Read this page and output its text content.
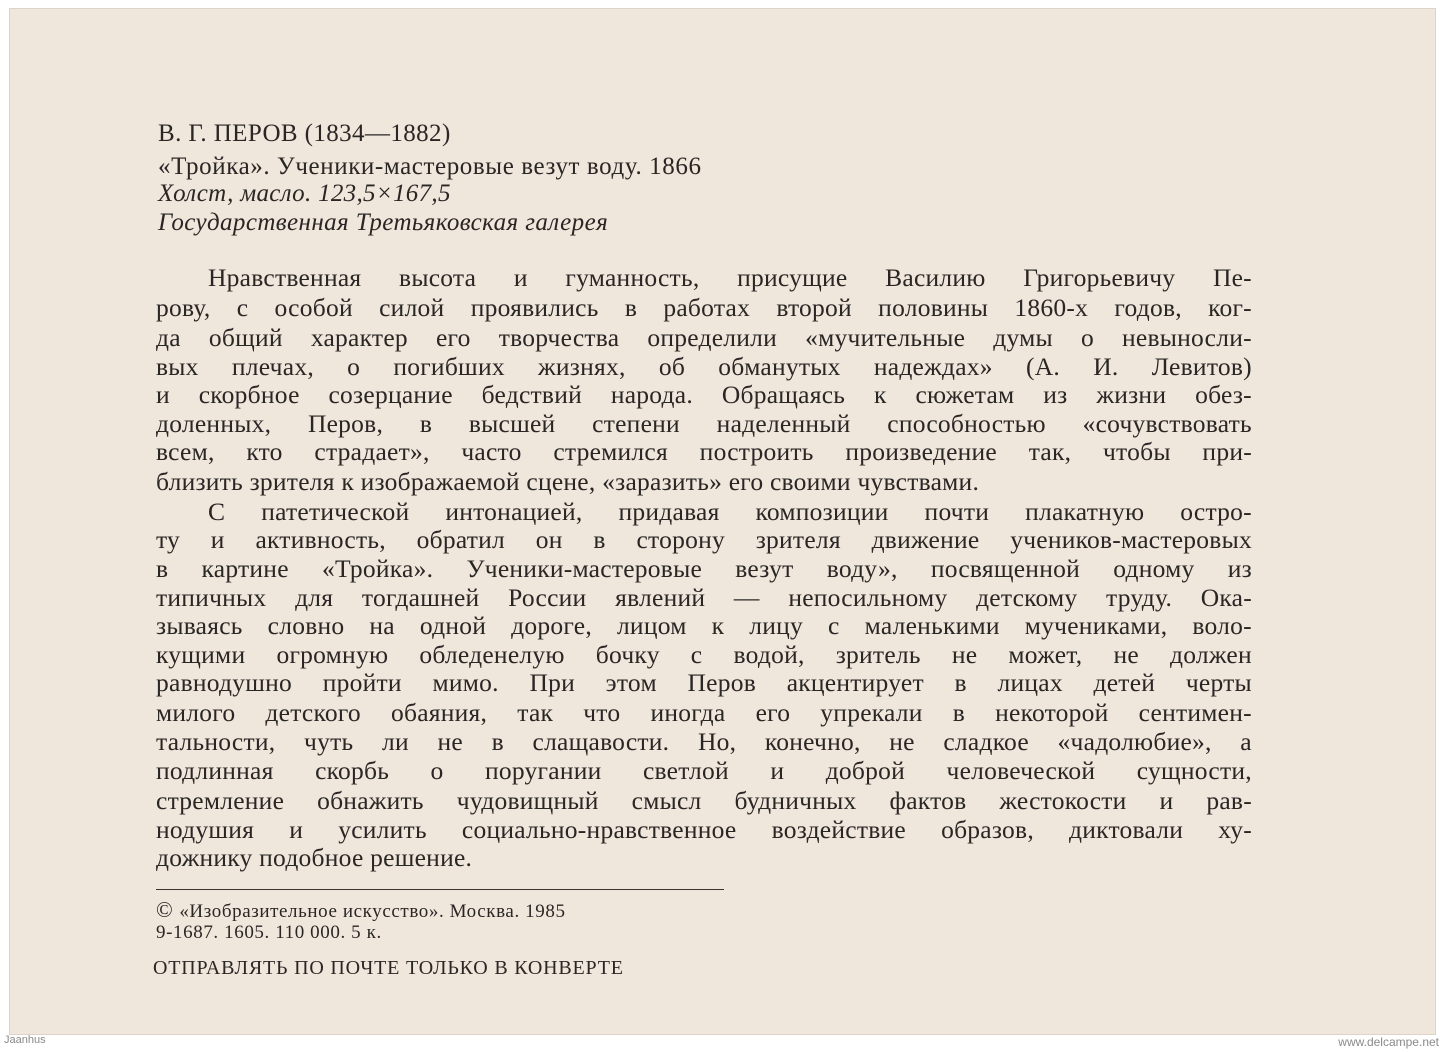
В. Г. ПЕРОВ (1834—1882)
«Тройка». Ученики-мастеровые везут воду. 1866
Холст, масло. 123,5×167,5
Государственная Третьяковская галерея
Нравственная высота и гуманность, присущие Василию Григорьевичу Пе-
рову, с особой силой проявились в работах второй половины 1860-х годов, ког-
да общий характер его творчества определили «мучительные думы о невыносли-
вых плечах, о погибших жизнях, об обманутых надеждах» (А. И. Левитов)
и скорбное созерцание бедствий народа. Обращаясь к сюжетам из жизни обез-
доленных, Перов, в высшей степени наделенный способностью «сочувствовать
всем, кто страдает», часто стремился построить произведение так, чтобы при-
близить зрителя к изображаемой сцене, «заразить» его своими чувствами.
С патетической интонацией, придавая композиции почти плакатную остро-
ту и активность, обратил он в сторону зрителя движение учеников-мастеровых
в картине «Тройка». Ученики-мастеровые везут воду», посвященной одному из
типичных для тогдашней России явлений — непосильному детскому труду. Ока-
зываясь словно на одной дороге, лицом к лицу с маленькими мучениками, воло-
кущими огромную обледенелую бочку с водой, зритель не может, не должен
равнодушно пройти мимо. При этом Перов акцентирует в лицах детей черты
милого детского обаяния, так что иногда его упрекали в некоторой сентимен-
тальности, чуть ли не в слащавости. Но, конечно, не сладкое «чадолюбие», а
подлинная скорбь о поругании светлой и доброй человеческой сущности,
стремление обнажить чудовищный смысл будничных фактов жестокости и рав-
нодушия и усилить социально-нравственное воздействие образов, диктовали ху-
дожнику подобное решение.
© «Изобразительное искусство». Москва. 1985
9-1687. 1605. 110 000. 5 к.
ОТПРАВЛЯТЬ ПО ПОЧТЕ ТОЛЬКО В КОНВЕРТЕ
Jaanhus	www.delcampe.net
